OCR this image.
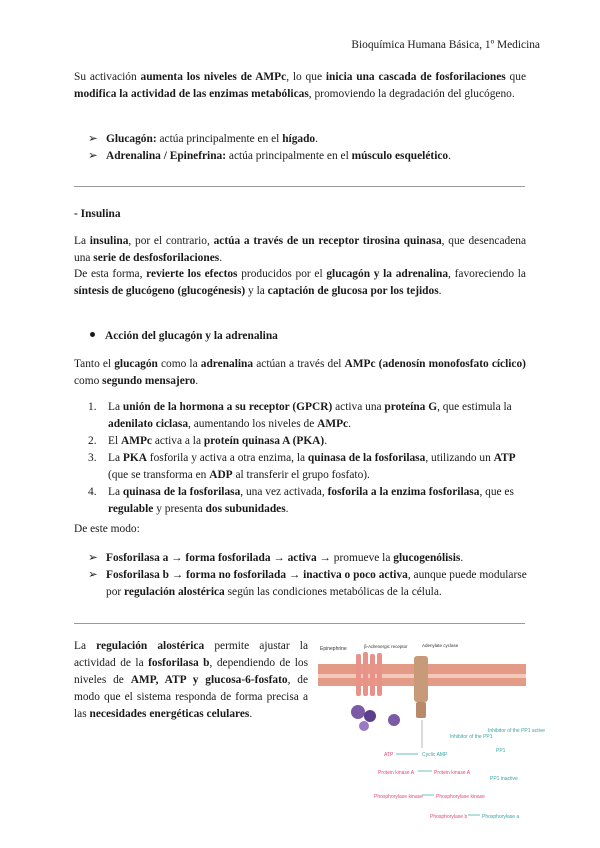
Bioquímica Humana Básica, 1º Medicina
Su activación aumenta los niveles de AMPc, lo que inicia una cascada de fosforilaciones que modifica la actividad de las enzimas metabólicas, promoviendo la degradación del glucógeno.
➢ Glucagón: actúa principalmente en el hígado.
➢ Adrenalina / Epinefrina: actúa principalmente en el músculo esquelético.
- Insulina
La insulina, por el contrario, actúa a través de un receptor tirosina quinasa, que desencadena una serie de desfosforilaciones.
De esta forma, revierte los efectos producidos por el glucagón y la adrenalina, favoreciendo la síntesis de glucógeno (glucogénesis) y la captación de glucosa por los tejidos.
Acción del glucagón y la adrenalina
Tanto el glucagón como la adrenalina actúan a través del AMPc (adenosín monofosfato cíclico) como segundo mensajero.
1. La unión de la hormona a su receptor (GPCR) activa una proteína G, que estimula la adenilato ciclasa, aumentando los niveles de AMPc.
2. El AMPc activa a la proteín quinasa A (PKA).
3. La PKA fosforila y activa a otra enzima, la quinasa de la fosforilasa, utilizando un ATP (que se transforma en ADP al transferir el grupo fosfato).
4. La quinasa de la fosforilasa, una vez activada, fosforila a la enzima fosforilasa, que es regulable y presenta dos subunidades.
De este modo:
➢ Fosforilasa a → forma fosforilada → activa → promueve la glucogenólisis.
➢ Fosforilasa b → forma no fosforilada → inactiva o poco activa, aunque puede modularse por regulación alostérica según las condiciones metabólicas de la célula.
La regulación alostérica permite ajustar la actividad de la fosforilasa b, dependiendo de los niveles de AMP, ATP y glucosa-6-fosfato, de modo que el sistema responda de forma precisa a las necesidades energéticas celulares.
Epinephrine	β-Adrenergic receptor	Adenylate cyclase
ATP	Cyclic AMP
Protein kinase A	Protein kinase A
Inhibitor of the PP1
Inhibitor of the PP1 active
PP1
PP1 inactive
Phosphorylase kinase	Phosphorylase kinase
Phosphorylase b	Phosphorylase a
